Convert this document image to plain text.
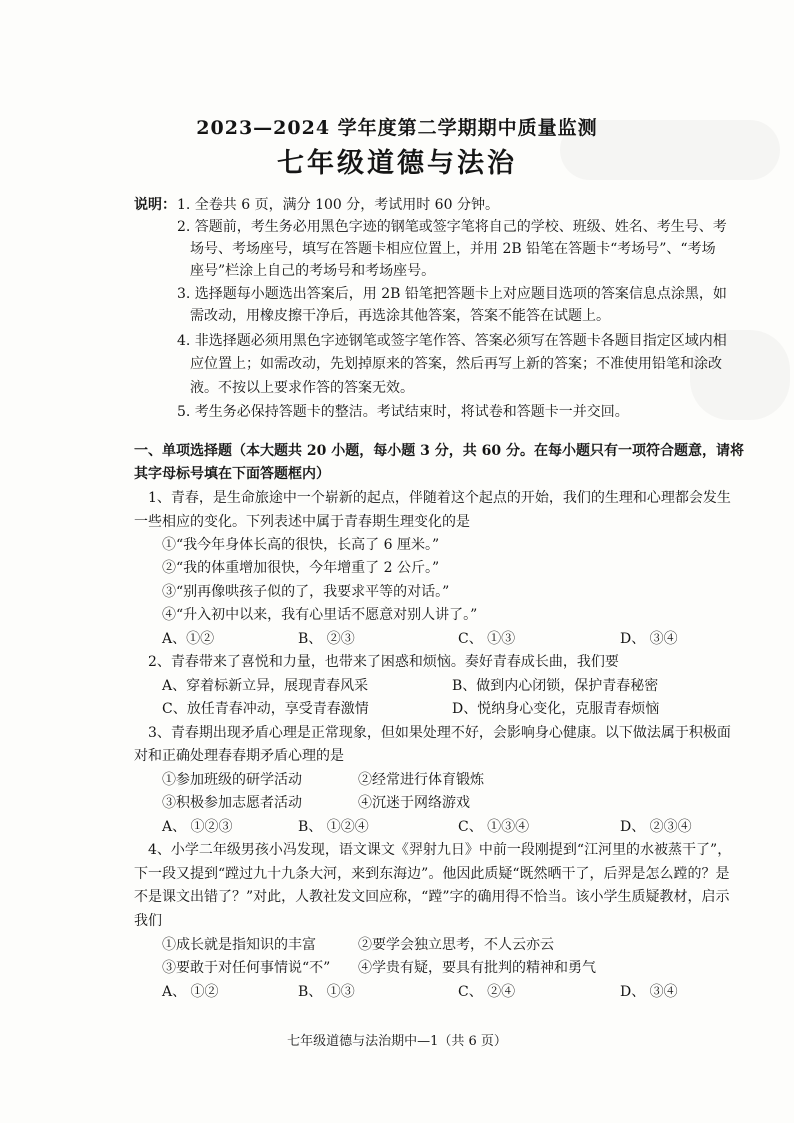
2023—2024 学年度第二学期期中质量监测
七年级道德与法治
说明： 1. 全卷共 6 页，满分 100 分，考试用时 60 分钟。
2. 答题前，考生务必用黑色字迹的钢笔或签字笔将自己的学校、班级、姓名、考生号、考
场号、考场座号，填写在答题卡相应位置上，并用 2B 铅笔在答题卡“考场号”、“考场
座号”栏涂上自己的考场号和考场座号。
3. 选择题每小题选出答案后，用 2B 铅笔把答题卡上对应题目选项的答案信息点涂黑，如
需改动，用橡皮擦干净后，再选涂其他答案，答案不能答在试题上。
4. 非选择题必须用黑色字迹钢笔或签字笔作答、答案必须写在答题卡各题目指定区域内相
应位置上；如需改动，先划掉原来的答案，然后再写上新的答案；不准使用铅笔和涂改
液。不按以上要求作答的答案无效。
5. 考生务必保持答题卡的整洁。考试结束时，将试卷和答题卡一并交回。
一、单项选择题（本大题共 20 小题，每小题 3 分，共 60 分。在每小题只有一项符合题意，请将
其字母标号填在下面答题框内）
1、青春，是生命旅途中一个崭新的起点，伴随着这个起点的开始，我们的生理和心理都会发生
一些相应的变化。下列表述中属于青春期生理变化的是
①“我今年身体长高的很快，长高了 6 厘米。”
②“我的体重增加很快，今年增重了 2 公斤。”
③“别再像哄孩子似的了，我要求平等的对话。”
④“升入初中以来，我有心里话不愿意对别人讲了。”
A、①②	B、 ②③	C、 ①③	D、 ③④
2、青春带来了喜悦和力量，也带来了困惑和烦恼。奏好青春成长曲，我们要
A、穿着标新立异，展现青春风采	B、做到内心闭锁，保护青春秘密
C、放任青春冲动，享受青春激情	D、悦纳身心变化，克服青春烦恼
3、青春期出现矛盾心理是正常现象，但如果处理不好，会影响身心健康。以下做法属于积极面
对和正确处理春春期矛盾心理的是
①参加班级的研学活动	②经常进行体育锻炼
③积极参加志愿者活动	④沉迷于网络游戏
A、 ①②③	B、 ①②④	C、 ①③④	D、 ②③④
4、小学二年级男孩小冯发现，语文课文《羿射九日》中前一段刚提到“江河里的水被蒸干了”，
下一段又提到“蹚过九十九条大河，来到东海边”。他因此质疑“既然晒干了，后羿是怎么蹚的？是
不是课文出错了？”对此，人教社发文回应称，“蹚”字的确用得不恰当。该小学生质疑教材，启示
我们
①成长就是指知识的丰富	②要学会独立思考，不人云亦云
③要敢于对任何事情说“不” ④学贵有疑，要具有批判的精神和勇气
A、 ①②	B、 ①③	C、 ②④	D、 ③④
七年级道德与法治期中—1（共 6 页）
